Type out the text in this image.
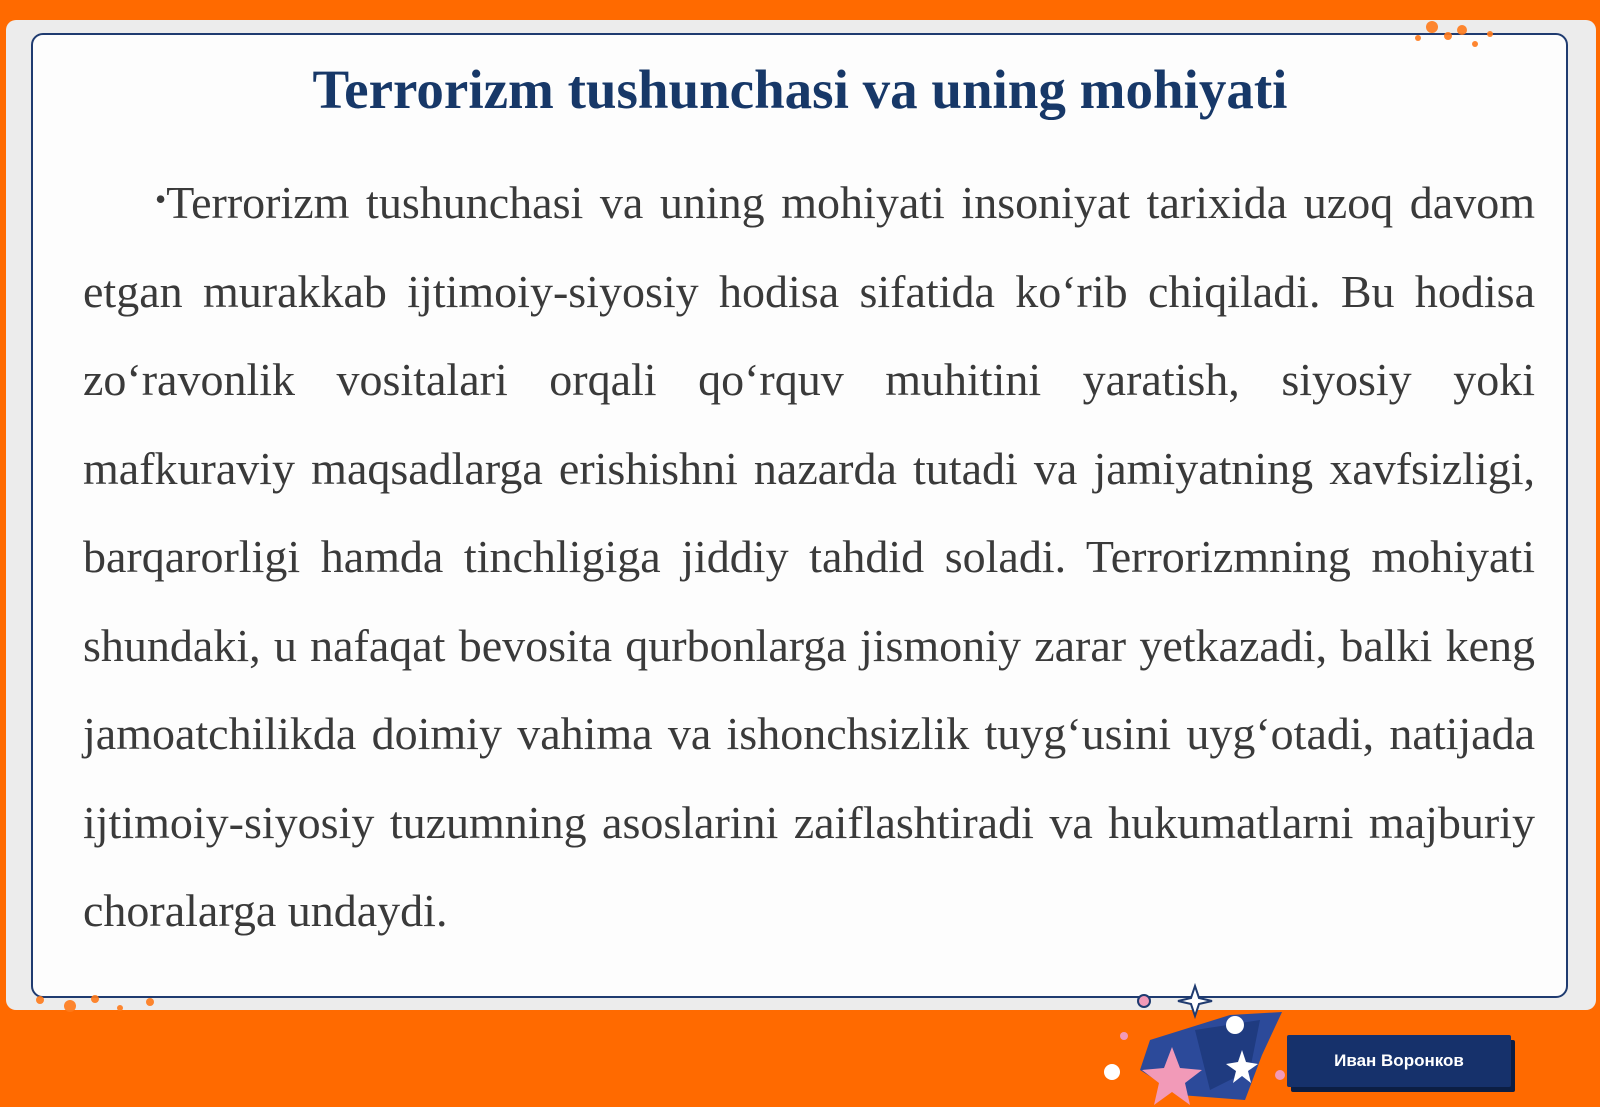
Terrorizm tushunchasi va uning mohiyati

•Terrorizm tushunchasi va uning mohiyati insoniyat tarixida uzoq davom etgan murakkab ijtimoiy-siyosiy hodisa sifatida ko‘rib chiqiladi. Bu hodisa zo‘ravonlik vositalari orqali qo‘rquv muhitini yaratish, siyosiy yoki mafkuraviy maqsadlarga erishishni nazarda tutadi va jamiyatning xavfsizligi, barqarorligi hamda tinchligiga jiddiy tahdid soladi. Terrorizmning mohiyati shundaki, u nafaqat bevosita qurbonlarga jismoniy zarar yetkazadi, balki keng jamoatchilikda doimiy vahima va ishonchsizlik tuyg‘usini uyg‘otadi, natijada ijtimoiy-siyosiy tuzumning asoslarini zaiflashtiradi va hukumatlarni majburiy choralarga undaydi.

Иван Воронков
